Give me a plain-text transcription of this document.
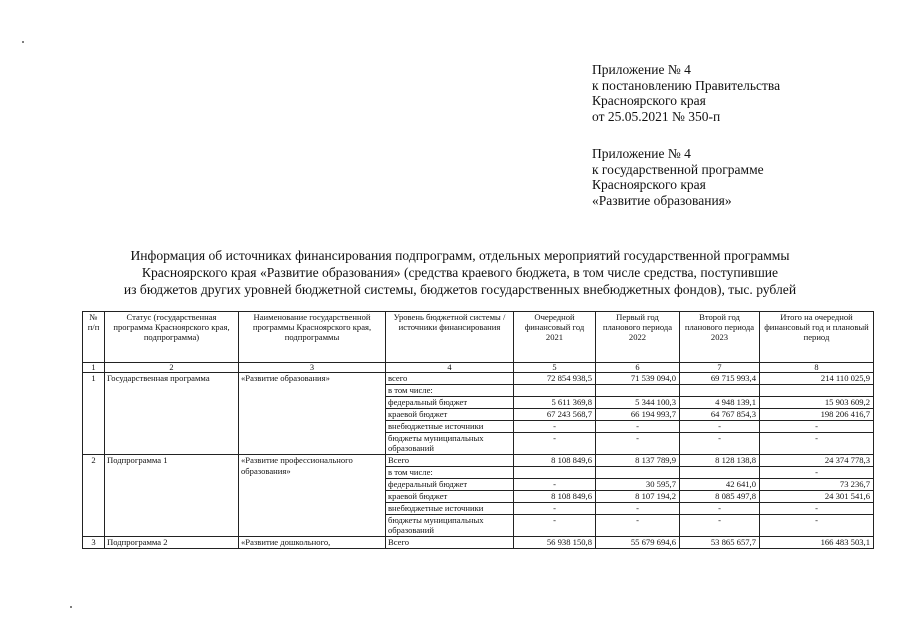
Приложение № 4
к постановлению Правительства
Красноярского края
от 25.05.2021 № 350-п
Приложение № 4
к государственной программе
Красноярского края
«Развитие образования»
Информация об источниках финансирования подпрограмм, отдельных мероприятий государственной программы
Красноярского края «Развитие образования» (средства краевого бюджета, в том числе средства, поступившие
из бюджетов других уровней бюджетной системы, бюджетов государственных внебюджетных фондов), тыс. рублей
№ п/п	Статус (государственная программа Красноярского края, подпрограмма)	Наименование государственной программы Красноярского края, подпрограммы	Уровень бюджетной системы / источники финансирования	Очередной финансовый год 2021	Первый год планового периода 2022	Второй год планового периода 2023	Итого на очередной финансовый год и плановый период
1	2	3	4	5	6	7	8
1	Государственная программа	«Развитие образования»	всего	72 854 938,5	71 539 094,0	69 715 993,4	214 110 025,9
			в том числе:				
			федеральный бюджет	5 611 369,8	5 344 100,3	4 948 139,1	15 903 609,2
			краевой бюджет	67 243 568,7	66 194 993,7	64 767 854,3	198 206 416,7
			внебюджетные источники	-	-	-	-
			бюджеты муниципальных образований	-	-	-	-
2	Подпрограмма 1	«Развитие профессионального образования»	Всего	8 108 849,6	8 137 789,9	8 128 138,8	24 374 778,3
			в том числе:				-
			федеральный бюджет	-	30 595,7	42 641,0	73 236,7
			краевой бюджет	8 108 849,6	8 107 194,2	8 085 497,8	24 301 541,6
			внебюджетные источники	-	-	-	-
			бюджеты муниципальных образований	-	-	-	-
3	Подпрограмма 2	«Развитие дошкольного,	Всего	56 938 150,8	55 679 694,6	53 865 657,7	166 483 503,1
